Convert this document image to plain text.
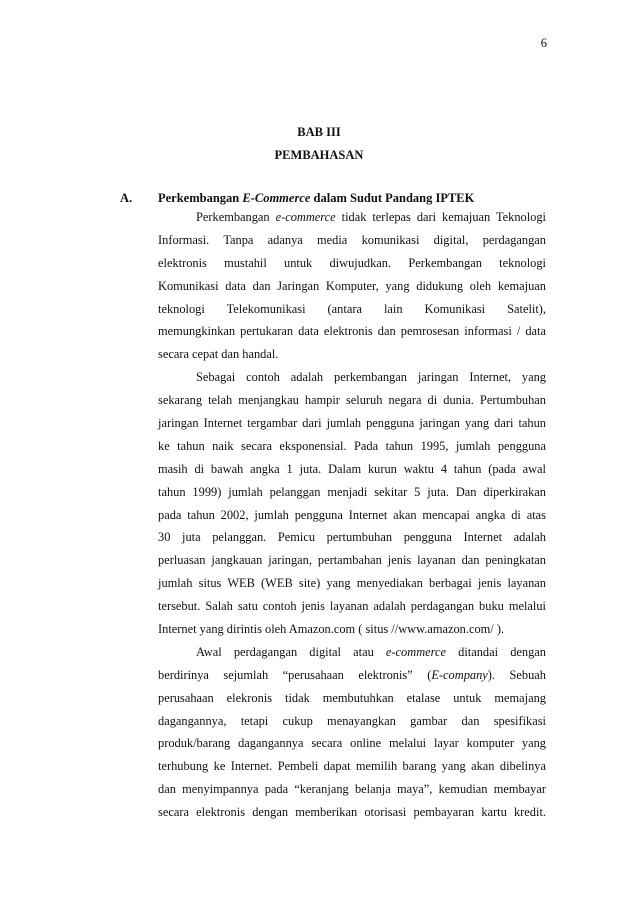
6
BAB III
PEMBAHASAN
A. Perkembangan E-Commerce dalam Sudut Pandang IPTEK
Perkembangan e-commerce tidak terlepas dari kemajuan Teknologi
Informasi. Tanpa adanya media komunikasi digital, perdagangan
elektronis mustahil untuk diwujudkan. Perkembangan teknologi
Komunikasi data dan Jaringan Komputer, yang didukung oleh kemajuan
teknologi Telekomunikasi (antara lain Komunikasi Satelit),
memungkinkan pertukaran data elektronis dan pemrosesan informasi / data
secara cepat dan handal.
Sebagai contoh adalah perkembangan jaringan Internet, yang
sekarang telah menjangkau hampir seluruh negara di dunia. Pertumbuhan
jaringan Internet tergambar dari jumlah pengguna jaringan yang dari tahun
ke tahun naik secara eksponensial. Pada tahun 1995, jumlah pengguna
masih di bawah angka 1 juta. Dalam kurun waktu 4 tahun (pada awal
tahun 1999) jumlah pelanggan menjadi sekitar 5 juta. Dan diperkirakan
pada tahun 2002, jumlah pengguna Internet akan mencapai angka di atas
30 juta pelanggan. Pemicu pertumbuhan pengguna Internet adalah
perluasan jangkauan jaringan, pertambahan jenis layanan dan peningkatan
jumlah situs WEB (WEB site) yang menyediakan berbagai jenis layanan
tersebut. Salah satu contoh jenis layanan adalah perdagangan buku melalui
Internet yang dirintis oleh Amazon.com ( situs //www.amazon.com/ ).
Awal perdagangan digital atau e-commerce ditandai dengan
berdirinya sejumlah “perusahaan elektronis” (E-company). Sebuah
perusahaan elekronis tidak membutuhkan etalase untuk memajang
dagangannya, tetapi cukup menayangkan gambar dan spesifikasi
produk/barang dagangannya secara online melalui layar komputer yang
terhubung ke Internet. Pembeli dapat memilih barang yang akan dibelinya
dan menyimpannya pada “keranjang belanja maya”, kemudian membayar
secara elektronis dengan memberikan otorisasi pembayaran kartu kredit.
